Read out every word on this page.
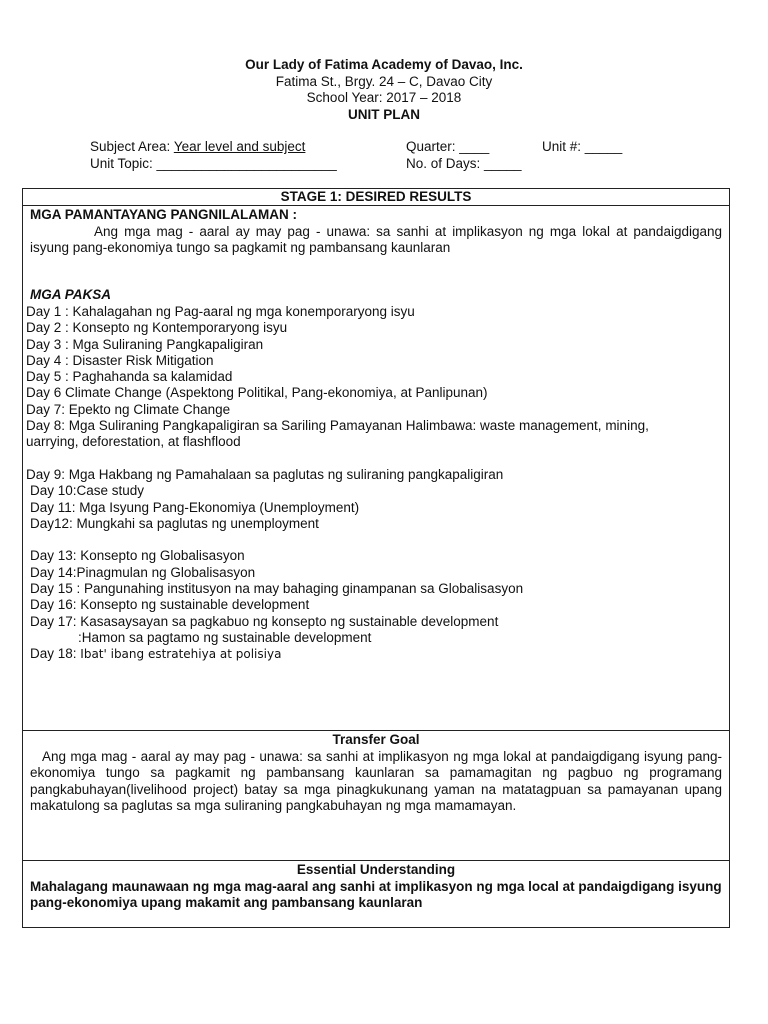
Our Lady of Fatima Academy of Davao, Inc.
Fatima St., Brgy. 24 – C, Davao City
School Year: 2017 – 2018
UNIT PLAN
Subject Area: Year level and subject	Quarter: ____	Unit #: _____
Unit Topic: ________________________	No. of Days: _____
STAGE 1: DESIRED RESULTS
MGA PAMANTAYANG PANGNILALAMAN :
Ang mga mag - aaral ay may pag - unawa: sa sanhi at implikasyon ng mga lokal at pandaigdigang isyung pang-ekonomiya tungo sa pagkamit ng pambansang kaunlaran
MGA PAKSA
Day 1 : Kahalagahan ng Pag-aaral ng mga konemporaryong isyu
Day 2 : Konsepto ng Kontemporaryong isyu
Day 3 : Mga Suliraning Pangkapaligiran
Day 4 : Disaster Risk Mitigation
Day 5 : Paghahanda sa kalamidad
Day 6 Climate Change (Aspektong Politikal, Pang-ekonomiya, at Panlipunan)
Day 7: Epekto ng Climate Change
Day 8: Mga Suliraning Pangkapaligiran sa Sariling Pamayanan Halimbawa: waste management, mining,
uarrying, deforestation, at flashflood
Day 9: Mga Hakbang ng Pamahalaan sa paglutas ng suliraning pangkapaligiran
Day 10:Case study
Day 11: Mga Isyung Pang-Ekonomiya (Unemployment)
Day12: Mungkahi sa paglutas ng unemployment
Day 13: Konsepto ng Globalisasyon
Day 14:Pinagmulan ng Globalisasyon
Day 15 : Pangunahing institusyon na may bahaging ginampanan sa Globalisasyon
Day 16: Konsepto ng sustainable development
Day 17: Kasasaysayan sa pagkabuo ng konsepto ng sustainable development
:Hamon sa pagtamo ng sustainable development
Day 18: Ibat' ibang estratehiya at polisiya
Transfer Goal
Ang mga mag - aaral ay may pag - unawa: sa sanhi at implikasyon ng mga lokal at pandaigdigang isyung pang-ekonomiya tungo sa pagkamit ng pambansang kaunlaran sa pamamagitan ng pagbuo ng programang pangkabuhayan(livelihood project) batay sa mga pinagkukunang yaman na matatagpuan sa pamayanan upang makatulong sa paglutas sa mga suliraning pangkabuhayan ng mga mamamayan.
Essential Understanding
Mahalagang maunawaan ng mga mag-aaral ang sanhi at implikasyon ng mga local at pandaigdigang isyung pang-ekonomiya upang makamit ang pambansang kaunlaran
